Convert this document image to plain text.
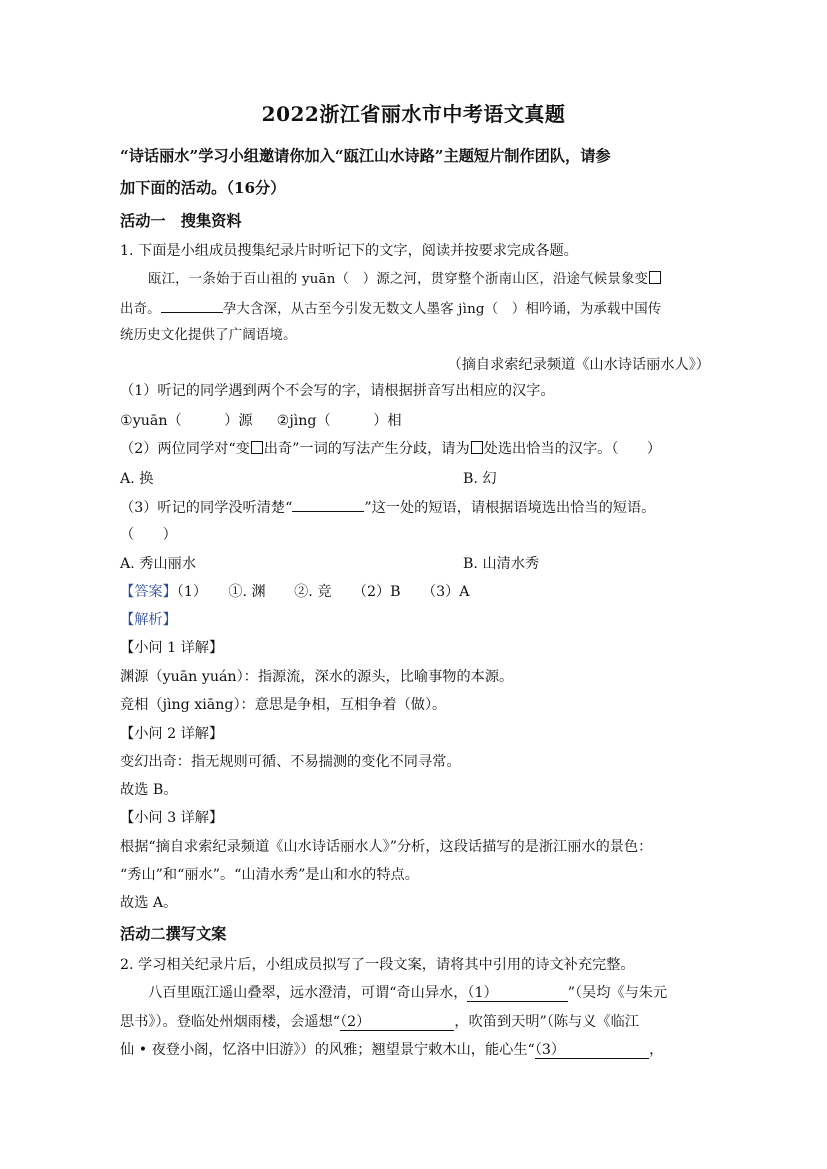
2022浙江省丽水市中考语文真题
“诗话丽水”学习小组邀请你加入“瓯江山水诗路”主题短片制作团队，请参
加下面的活动。（16分）
活动一　搜集资料
1. 下面是小组成员搜集纪录片时听记下的文字，阅读并按要求完成各题。
瓯江，一条始于百山祖的 yuān（　）源之河，贯穿整个浙南山区，沿途气候景象变
出奇。	孕大含深，从古至今引发无数文人墨客 jìng（　）相吟诵，为承载中国传
统历史文化提供了广阔语境。
（摘自求索纪录频道《山水诗话丽水人》）
（1）听记的同学遇到两个不会写的字，请根据拼音写出相应的汉字。
①yuān（　　　）源 ②jìng（　　　）相
（2）两位同学对“变 出奇”一词的写法产生分歧，请为 处选出恰当的汉字。（　　）
A. 换	B. 幻
（3）听记的同学没听清楚“	”这一处的短语，请根据语境选出恰当的短语。
（　　）
A. 秀山丽水	B. 山清水秀
【答案】（1）　　①. 渊　　②. 竞　　（2）B　　（3）A
【解析】
【小问 1 详解】
渊源（yuān yuán）：指源流，深水的源头，比喻事物的本源。
竞相（jìng xiāng）：意思是争相，互相争着（做）。
【小问 2 详解】
变幻出奇：指无规则可循、不易揣测的变化不同寻常。
故选 B。
【小问 3 详解】
根据“摘自求索纪录频道《山水诗话丽水人》”分析，这段话描写的是浙江丽水的景色：
“秀山”和“丽水”。“山清水秀”是山和水的特点。
故选 A。
活动二撰写文案
2. 学习相关纪录片后，小组成员拟写了一段文案，请将其中引用的诗文补充完整。
八百里瓯江遥山叠翠，远水澄清，可谓“奇山异水，（1）	”（吴均《与朱元
思书》）。登临处州烟雨楼，会遥想“（2）	，吹笛到天明”（陈与义《临江
仙 • 夜登小阁，忆洛中旧游》）的风雅；翘望景宁敕木山，能心生“（3）	，
